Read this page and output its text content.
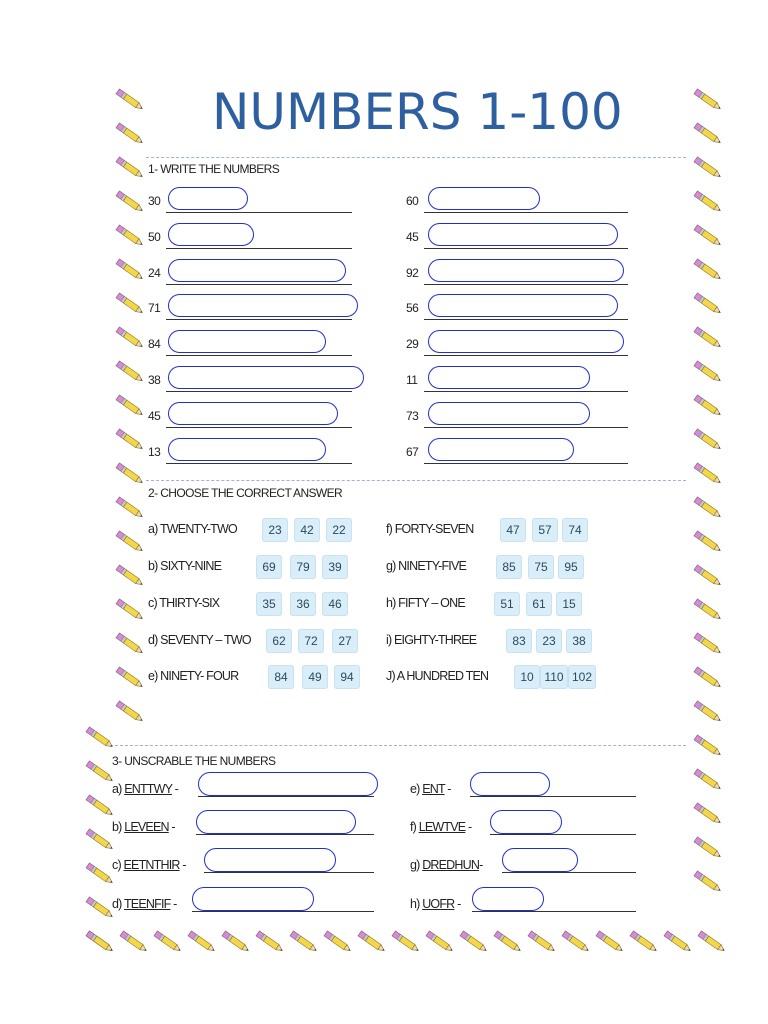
NUMBERS 1-100
1- WRITE THE NUMBERS
30
50
24
71
84
38
45
13
60
45
92
56
29
11
73
67
2- CHOOSE THE CORRECT ANSWER
a) TWENTY-TWO	23	42	22
b) SIXTY-NINE	69	79	39
c) THIRTY-SIX	35	36	46
d) SEVENTY – TWO	62	72	27
e) NINETY- FOUR	84	49	94
f) FORTY-SEVEN	47	57	74
g) NINETY-FIVE	85	75	95
h) FIFTY – ONE	51	61	15
i) EIGHTY-THREE	83	23	38
J) A HUNDRED TEN	10 110 102
3- UNSCRABLE THE NUMBERS
a) ENTTWY -
b) LEVEEN -
c) EETNTHIR -
d) TEENFIF -
e) ENT -
f) LEWTVE -
g) DREDHUN-
h) UOFR -
